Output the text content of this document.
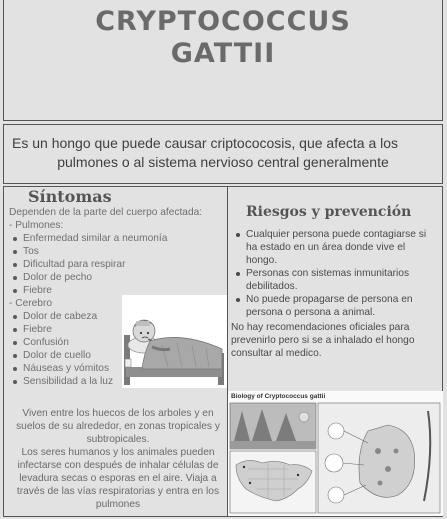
CRYPTOCOCCUS
GATTII
Es un hongo que puede causar criptococosis, que afecta a los
pulmones o al sistema nervioso central generalmente
Síntomas
Dependen de la parte del cuerpo afectada:
- Pulmones:
Enfermedad similar a neumonía
Tos
Dificultad para respirar
Dolor de pecho
Fiebre
- Cerebro
Dolor de cabeza
Fiebre
Confusión
Dolor de cuello
Náuseas y vómitos
Sensibilidad a la luz
Viven entre los huecos de los arboles y en suelos de su alrededor, en zonas tropicales y subtropicales.
Los seres humanos y los animales pueden infectarse con después de inhalar células de levadura secas o esporas en el aire. Viaja a través de las vías respiratorias y entra en los pulmones
Riesgos y prevención
Cualquier persona puede contagiarse si ha estado en un área donde vive el hongo.
Personas con sistemas inmunitarios debilitados.
No puede propagarse de persona en persona o persona a animal.
No hay recomendaciones oficiales para prevenirlo pero si se a inhalado el hongo consultar al medico.
Biology of Cryptococcus gattii
